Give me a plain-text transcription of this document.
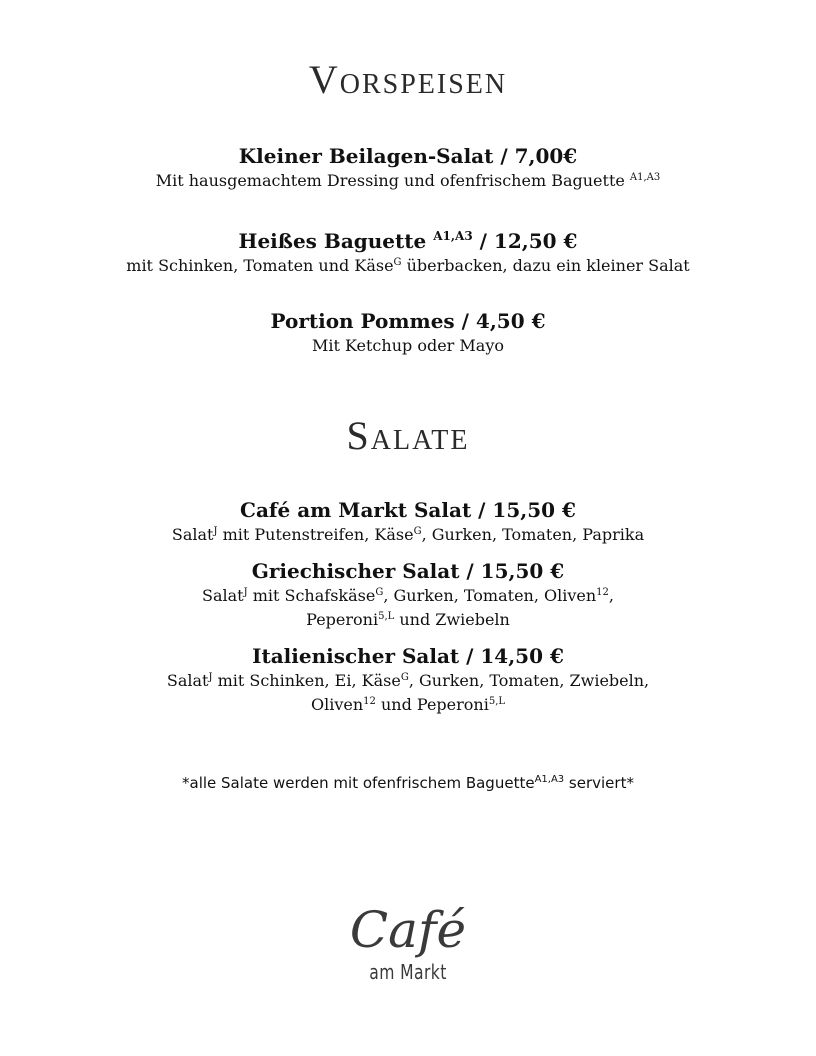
Vorspeisen

Kleiner Beilagen-Salat / 7,00€

Mit hausgemachtem Dressing und ofenfrischem Baguette $^{A1,A3}$

Heißes Baguette $^{A1,A3}$ / 12,50 €

mit Schinken, Tomaten und Käse$^G$ überbacken, dazu ein kleiner Salat

Portion Pommes / 4,50 €

Mit Ketchup oder Mayo

Salate

Café am Markt Salat / 15,50 €

Salat$^J$ mit Putenstreifen, Käse$^G$, Gurken, Tomaten, Paprika

Griechischer Salat / 15,50 €

Salat$^J$ mit Schafskäse$^G$, Gurken, Tomaten, Oliven$^{12}$,

Peperoni$^{5,L}$ und Zwiebeln

Italienischer Salat / 14,50 €

Salat$^J$ mit Schinken, Ei, Käse$^G$, Gurken, Tomaten, Zwiebeln,

Oliven$^{12}$ und Peperoni$^{5,L}$

*alle Salate werden mit ofenfrischem Baguette$^{A1,A3}$ serviert*

Café
am Markt
